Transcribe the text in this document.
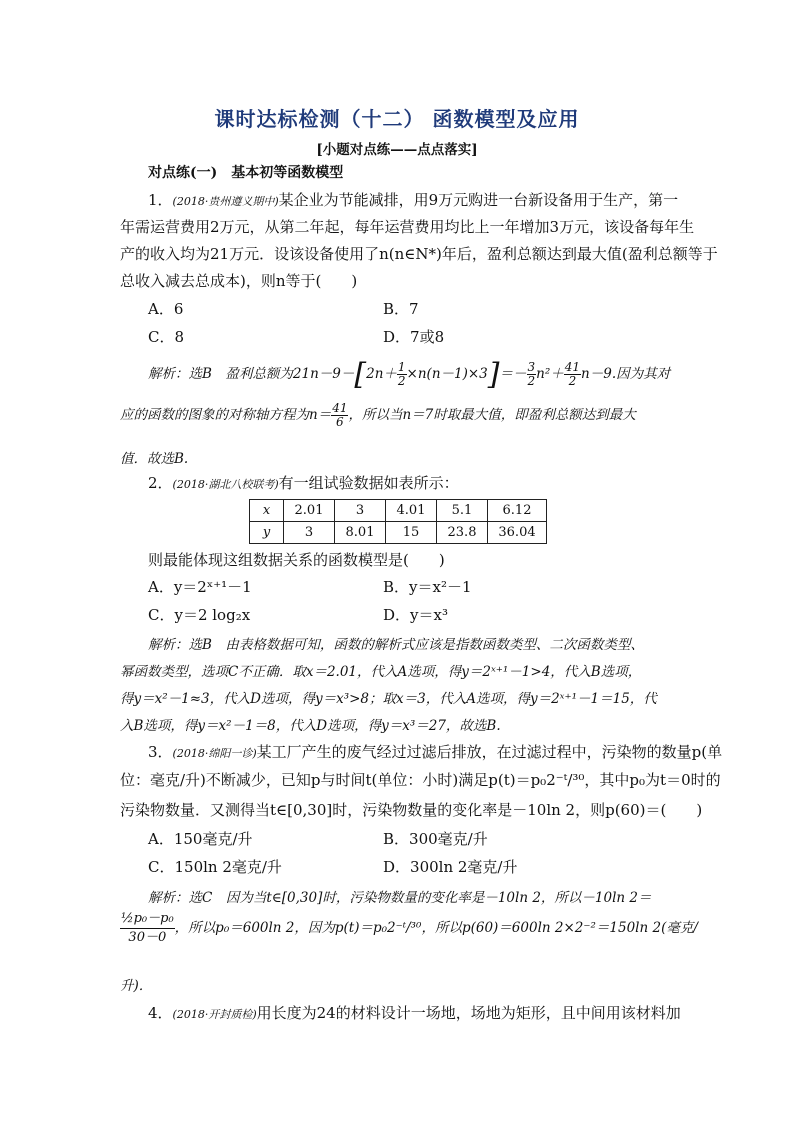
课时达标检测（十二） 函数模型及应用
[小题对点练——点点落实]
对点练(一)　基本初等函数模型
1．(2018·贵州遵义期中)某企业为节能减排，用9万元购进一台新设备用于生产，第一
年需运营费用2万元，从第二年起，每年运营费用均比上一年增加3万元，该设备每年生
产的收入均为21万元．设该设备使用了n(n∈N*)年后，盈利总额达到最大值(盈利总额等于
总收入减去总成本)，则n等于(　　)
A．6	B．7
C．8	D．7或8
解析：选B　盈利总额为$21n-9-[2n+ \frac{1}{2} \times n(n-1)\times 3]=- \frac{3}{2} n^2+ \frac{41}{2} n-9$.因为其对
应的函数的图象的对称轴方程为$n= \frac{41}{6}$ ，所以当n＝7时取最大值，即盈利总额达到最大
值．故选B.
2．(2018·湖北八校联考)有一组试验数据如表所示：
x	2.01	3	4.01	5.1	6.12
y	3	8.01	15	23.8	36.04
则最能体现这组数据关系的函数模型是(　　)
A．y＝2ˣ⁺¹－1	B．y＝x²－1
C．y＝2 log₂x	D．y＝x³
解析：选B　由表格数据可知，函数的解析式应该是指数函数类型、二次函数类型、
幂函数类型，选项C不正确．取x＝2.01，代入A选项，得y＝2ˣ⁺¹－1>4，代入B选项，
得y＝x²－1≈3，代入D选项，得y＝x³>8；取x＝3，代入A选项，得y＝2ˣ⁺¹－1＝15，代
入B选项，得y＝x²－1＝8，代入D选项，得y＝x³＝27，故选B.
3．(2018·绵阳一诊)某工厂产生的废气经过过滤后排放，在过滤过程中，污染物的数量p(单
位：毫克/升)不断减少，已知p与时间t(单位：小时)满足p(t)＝p₀2⁻ᵗ/³⁰，其中p₀为t＝0时的
污染物数量．又测得当t∈[0,30]时，污染物数量的变化率是－10ln 2，则p(60)＝(　　)
A．150毫克/升	B．300毫克/升
C．150ln 2毫克/升	D．300ln 2毫克/升
解析：选C　因为当t∈[0,30]时，污染物数量的变化率是－10ln 2，所以－10ln 2＝
$\frac{\text{½p₀－p₀}}{30-0}$ ，所以p₀＝600ln 2，因为p(t)＝p₀2⁻ᵗ/³⁰，所以p(60)＝600ln 2×2⁻²＝150ln 2(毫克/
升)．
4．(2018·开封质检)用长度为24的材料设计一场地，场地为矩形，且中间用该材料加
